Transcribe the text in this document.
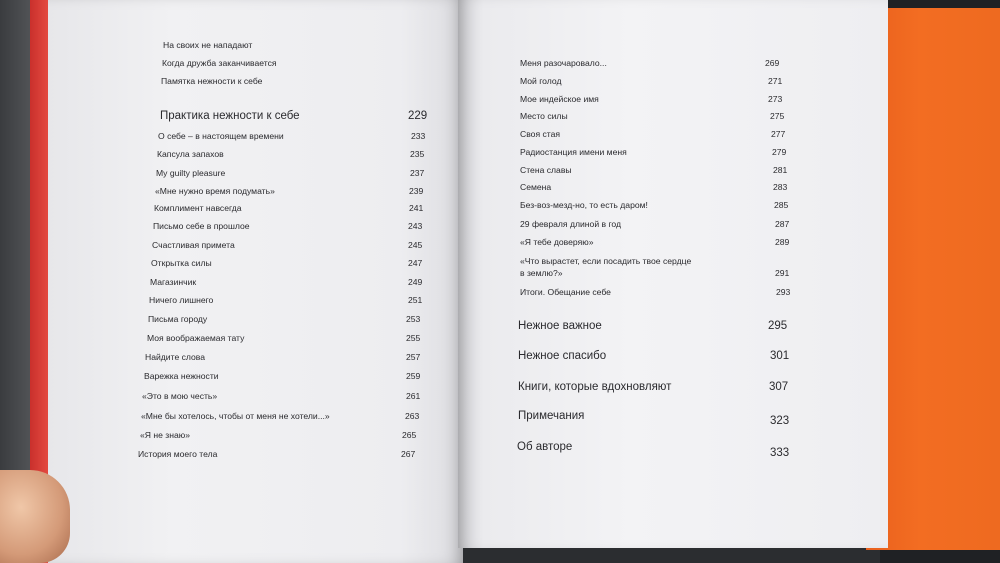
На своих не нападают
Когда дружба заканчивается
Памятка нежности к себе
Практика нежности к себе	229
О себе – в настоящем времени	233
Капсула запахов	235
My guilty pleasure	237
«Мне нужно время подумать»	239
Комплимент навсегда	241
Письмо себе в прошлое	243
Счастливая примета	245
Открытка силы	247
Магазинчик	249
Ничего лишнего	251
Письма городу	253
Моя воображаемая тату	255
Найдите слова	257
Варежка нежности	259
«Это в мою честь»	261
«Мне бы хотелось, чтобы от меня не хотели...»	263
«Я не знаю»	265
История моего тела	267
Меня разочаровало...	269
Мой голод	271
Мое индейское имя	273
Место силы	275
Своя стая	277
Радиостанция имени меня	279
Стена славы	281
Семена	283
Без-воз-мезд-но, то есть даром!	285
29 февраля длиной в год	287
«Я тебе доверяю»	289
«Что вырастет, если посадить твое сердце
в землю?»	291
Итоги. Обещание себе	293
Нежное важное	295
Нежное спасибо	301
Книги, которые вдохновляют	307
Примечания	323
Об авторе	333
